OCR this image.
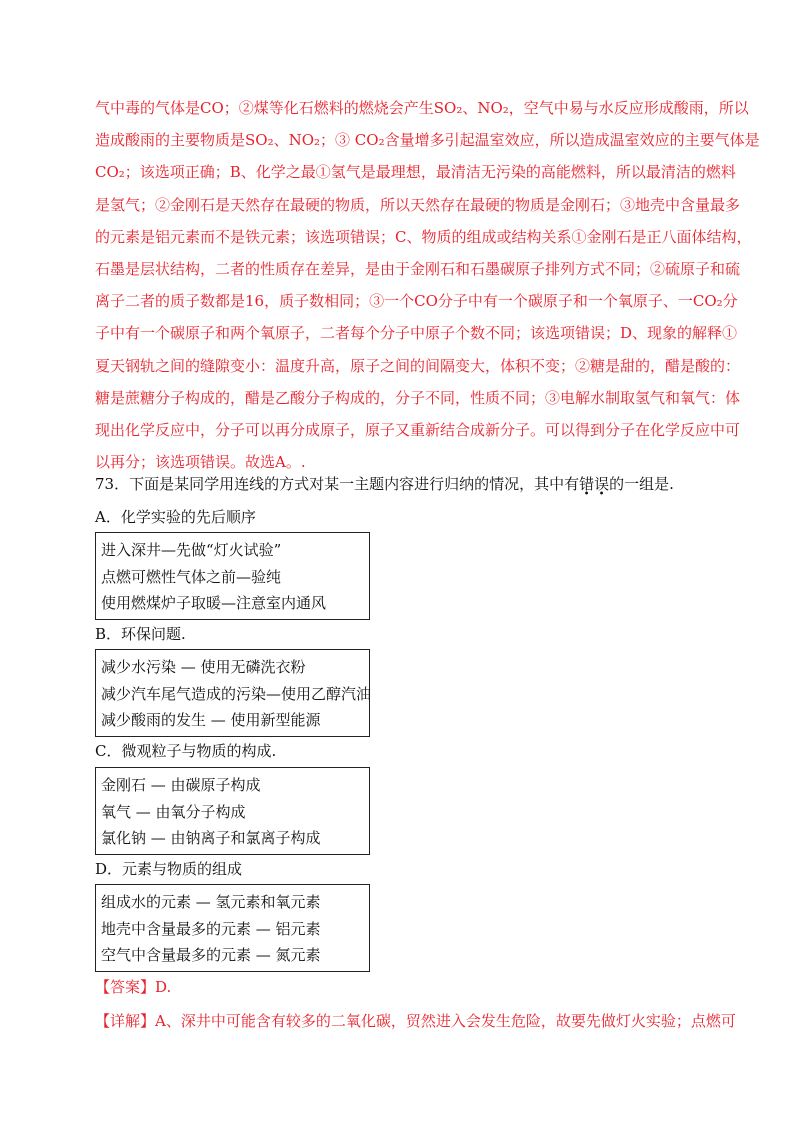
气中毒的气体是CO；②煤等化石燃料的燃烧会产生SO₂、NO₂，空气中易与水反应形成酸雨，所以
造成酸雨的主要物质是SO₂、NO₂；③ CO₂含量增多引起温室效应，所以造成温室效应的主要气体是
CO₂；该选项正确；B、化学之最①氢气是最理想，最清洁无污染的高能燃料，所以最清洁的燃料
是氢气；②金刚石是天然存在最硬的物质，所以天然存在最硬的物质是金刚石；③地壳中含量最多
的元素是铝元素而不是铁元素；该选项错误；C、物质的组成或结构关系①金刚石是正八面体结构，
石墨是层状结构，二者的性质存在差异，是由于金刚石和石墨碳原子排列方式不同；②硫原子和硫
离子二者的质子数都是16，质子数相同；③一个CO分子中有一个碳原子和一个氧原子、一CO₂分
子中有一个碳原子和两个氧原子，二者每个分子中原子个数不同；该选项错误；D、现象的解释①
夏天钢轨之间的缝隙变小：温度升高，原子之间的间隔变大，体积不变；②糖是甜的，醋是酸的：
糖是蔗糖分子构成的，醋是乙酸分子构成的，分子不同，性质不同；③电解水制取氢气和氧气：体
现出化学反应中，分子可以再分成原子，原子又重新结合成新分子。可以得到分子在化学反应中可
以再分；该选项错误。故选A。.

73．下面是某同学用连线的方式对某一主题内容进行归纳的情况，其中有错误的一组是.
A．化学实验的先后顺序
进入深井—先做“灯火试验”
点燃可燃性气体之前—验纯
使用燃煤炉子取暖—注意室内通风
B．环保问题.
减少水污染 — 使用无磷洗衣粉
减少汽车尾气造成的污染—使用乙醇汽油
减少酸雨的发生 — 使用新型能源
C．微观粒子与物质的构成.
金刚石 — 由碳原子构成
氧气 — 由氧分子构成
氯化钠 — 由钠离子和氯离子构成
D．元素与物质的组成
组成水的元素 — 氢元素和氧元素
地壳中含量最多的元素 — 铝元素
空气中含量最多的元素 — 氮元素
【答案】D.
【详解】A、深井中可能含有较多的二氧化碳，贸然进入会发生危险，故要先做灯火实验；点燃可
